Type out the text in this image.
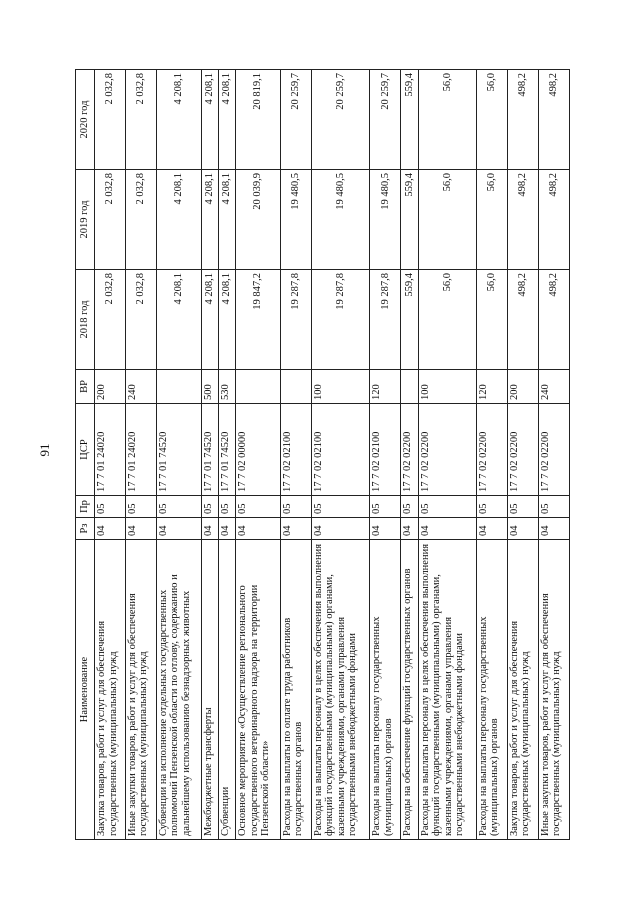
91
Наименование	Рз	Пр	ЦСР	ВР	2018 год	2019 год	2020 год
Закупка товаров, работ и услуг для обеспечения государственных (муниципальных) нужд	04	05	17 7 01 24020	200	2 032,8	2 032,8	2 032,8
Иные закупки товаров, работ и услуг для обеспечения государственных (муниципальных) нужд	04	05	17 7 01 24020	240	2 032,8	2 032,8	2 032,8
Субвенции на исполнение отдельных государственных полномочий Пензенской области по отлову, содержанию и дальнейшему использованию безнадзорных животных	04	05	17 7 01 74520		4 208,1	4 208,1	4 208,1
Межбюджетные трансферты	04	05	17 7 01 74520	500	4 208,1	4 208,1	4 208,1
Субвенции	04	05	17 7 01 74520	530	4 208,1	4 208,1	4 208,1
Основное мероприятие «Осуществление регионального государственного ветеринарного надзора на территории Пензенской области»	04	05	17 7 02 00000		19 847,2	20 039,9	20 819,1
Расходы на выплаты по оплате труда работников государственных органов	04	05	17 7 02 02100		19 287,8	19 480,5	20 259,7
Расходы на выплаты персоналу в целях обеспечения выполнения функций государственными (муниципальными) органами, казенными учреждениями, органами управления государственными внебюджетными фондами	04	05	17 7 02 02100	100	19 287,8	19 480,5	20 259,7
Расходы на выплаты персоналу государственных (муниципальных) органов	04	05	17 7 02 02100	120	19 287,8	19 480,5	20 259,7
Расходы на обеспечение функций государственных органов	04	05	17 7 02 02200		559,4	559,4	559,4
Расходы на выплаты персоналу в целях обеспечения выполнения функций государственными (муниципальными) органами, казенными учреждениями, органами управления государственными внебюджетными фондами	04	05	17 7 02 02200	100	56,0	56,0	56,0
Расходы на выплаты персоналу государственных (муниципальных) органов	04	05	17 7 02 02200	120	56,0	56,0	56,0
Закупка товаров, работ и услуг для обеспечения государственных (муниципальных) нужд	04	05	17 7 02 02200	200	498,2	498,2	498,2
Иные закупки товаров, работ и услуг для обеспечения государственных (муниципальных) нужд	04	05	17 7 02 02200	240	498,2	498,2	498,2
